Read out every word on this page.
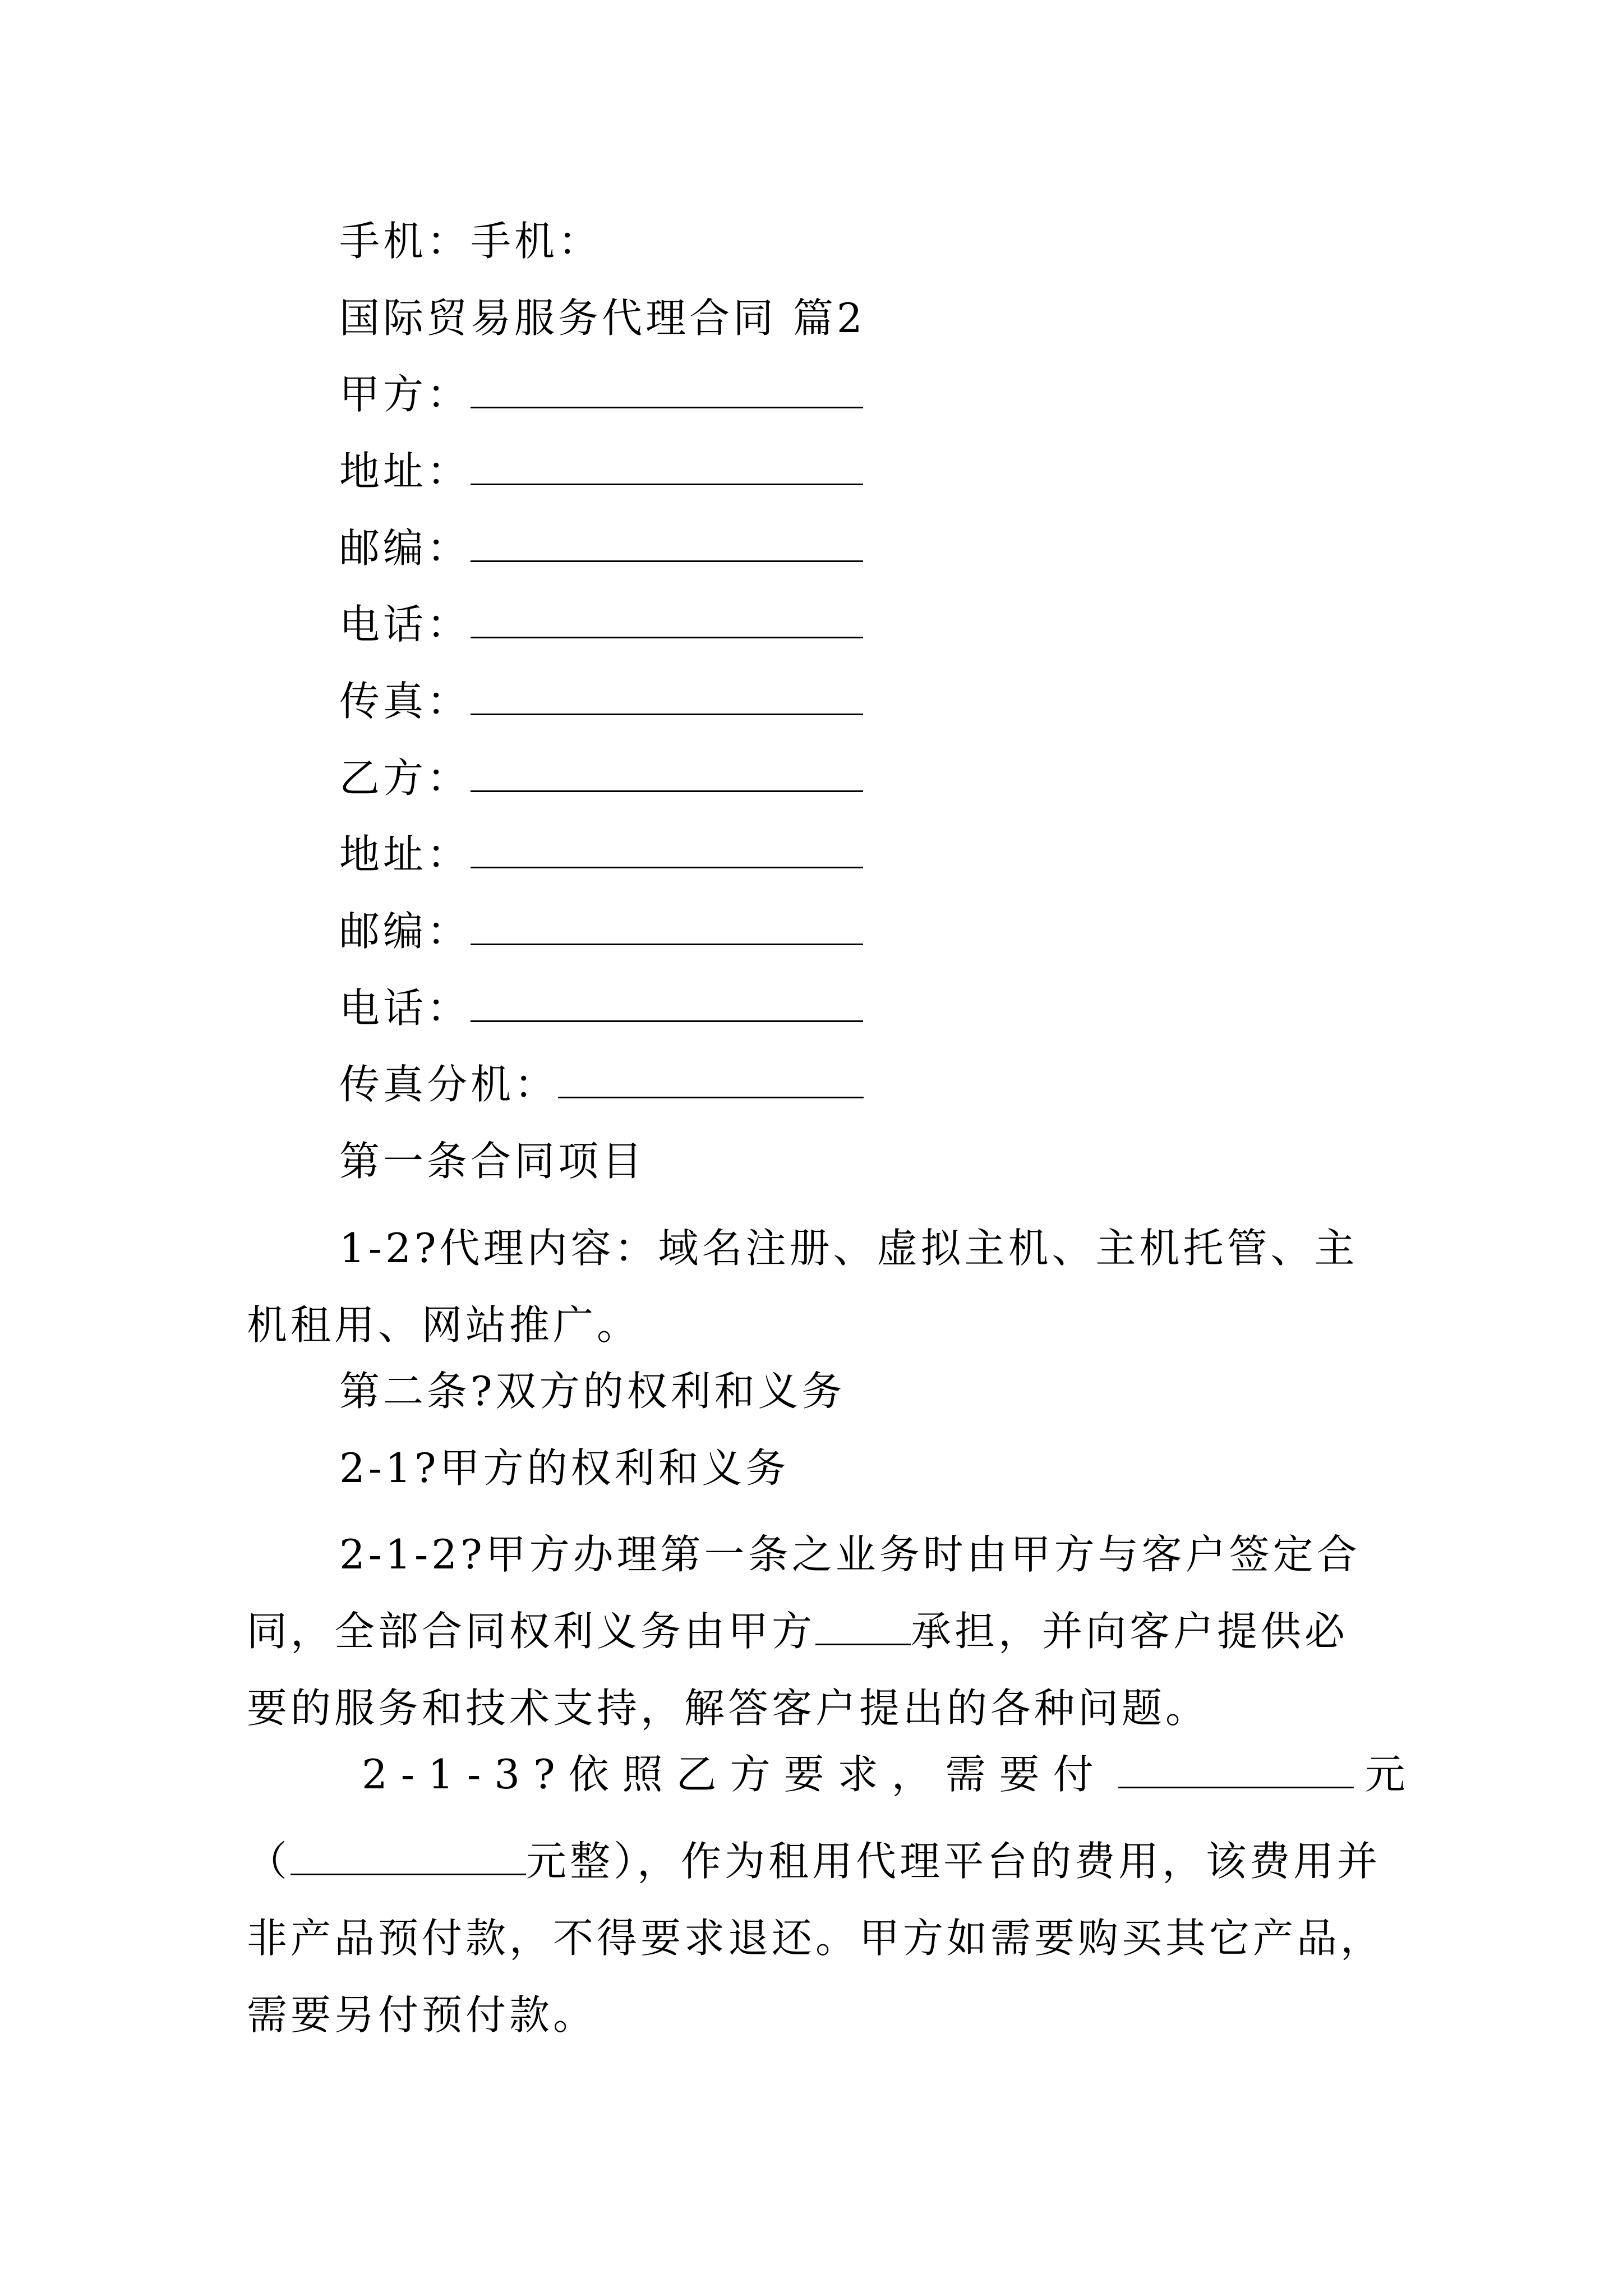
手机：手机：
国际贸易服务代理合同 篇2
甲方：
地址：
邮编：
电话：
传真：
乙方：
地址：
邮编：
电话：
传真分机：
第一条合同项目
1-2?代理内容：域名注册、虚拟主机、主机托管、主机租用、网站推广。
第二条?双方的权利和义务
2-1?甲方的权利和义务
2-1-2?甲方办理第一条之业务时由甲方与客户签定合同，全部合同权利义务由甲方 承担，并向客户提供必要的服务和技术支持，解答客户提出的各种问题。
2-1-3?依照乙方要求，需要付	元
（	元整），作为租用代理平台的费用，该费用并非产品预付款，不得要求退还。甲方如需要购买其它产品，需要另付预付款。
